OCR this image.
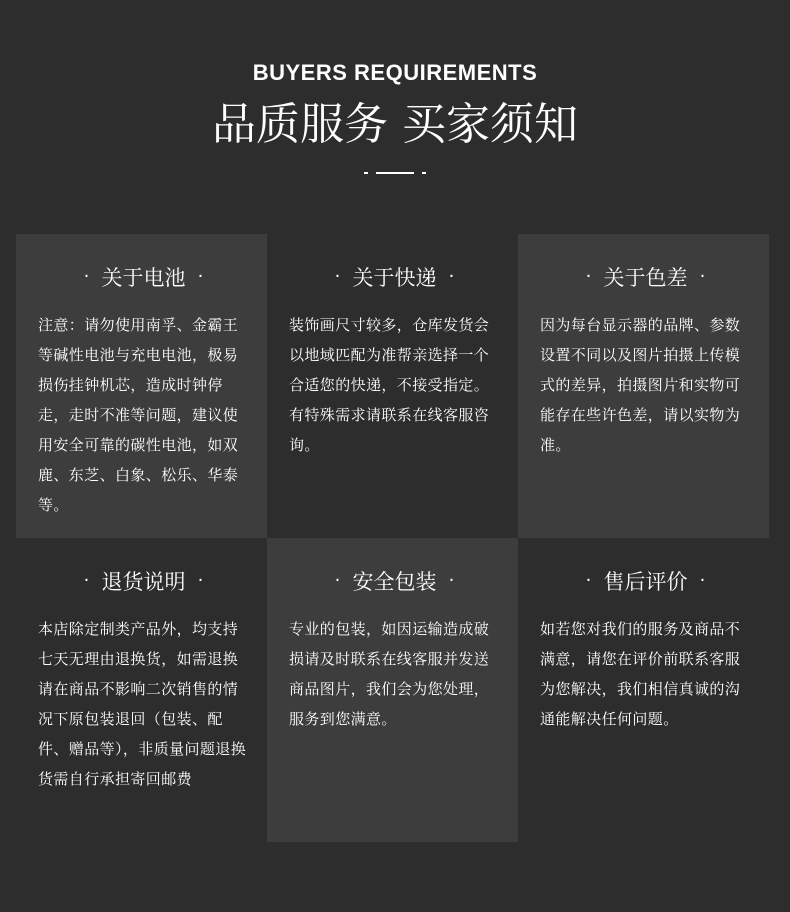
BUYERS REQUIREMENTS
品质服务 买家须知
· 关于电池 ·
注意：请勿使用南孚、金霸王等碱性电池与充电电池，极易损伤挂钟机芯，造成时钟停走，走时不准等问题，建议使用安全可靠的碳性电池，如双鹿、东芝、白象、松乐、华泰等。
· 关于快递 ·
装饰画尺寸较多，仓库发货会以地域匹配为准帮亲选择一个合适您的快递，不接受指定。有特殊需求请联系在线客服咨询。
· 关于色差 ·
因为每台显示器的品牌、参数设置不同以及图片拍摄上传模式的差异，拍摄图片和实物可能存在些许色差，请以实物为准。
· 退货说明 ·
本店除定制类产品外，均支持七天无理由退换货，如需退换请在商品不影响二次销售的情况下原包装退回（包装、配件、赠品等），非质量问题退换货需自行承担寄回邮费
· 安全包装 ·
专业的包装，如因运输造成破损请及时联系在线客服并发送商品图片，我们会为您处理，服务到您满意。
· 售后评价 ·
如若您对我们的服务及商品不满意，请您在评价前联系客服为您解决，我们相信真诚的沟通能解决任何问题。
